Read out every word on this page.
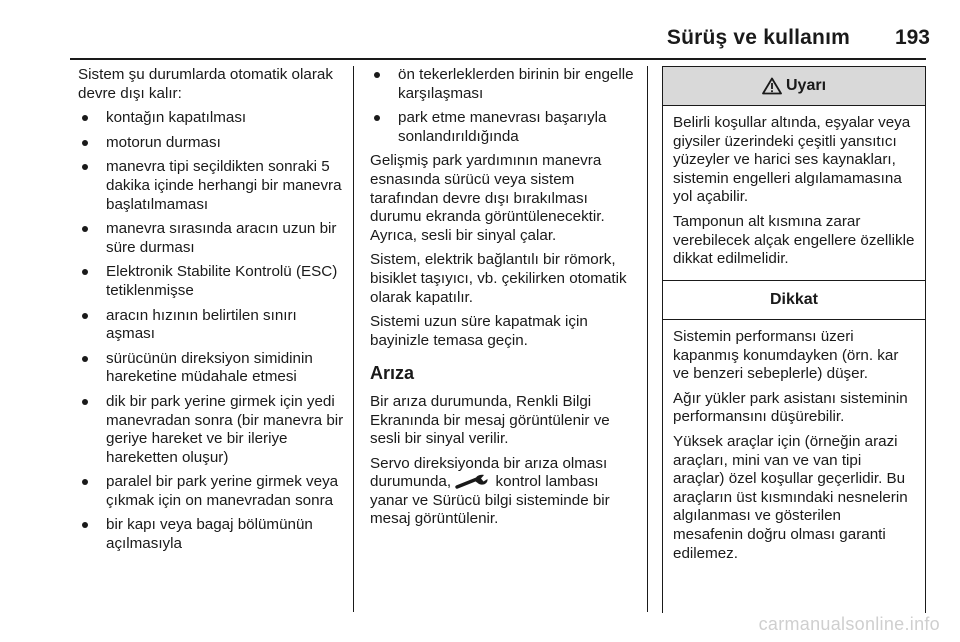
Sürüş ve kullanım	193

Sistem şu durumlarda otomatik olarak devre dışı kalır:

kontağın kapatılması
motorun durması
manevra tipi seçildikten sonraki 5 dakika içinde herhangi bir manevra başlatılmaması
manevra sırasında aracın uzun bir süre durması
Elektronik Stabilite Kontrolü (ESC) tetiklenmişse
aracın hızının belirtilen sınırı aşması
sürücünün direksiyon simidinin hareketine müdahale etmesi
dik bir park yerine girmek için yedi manevradan sonra (bir manevra bir geriye hareket ve bir ileriye hareketten oluşur)
paralel bir park yerine girmek veya çıkmak için on manevradan sonra
bir kapı veya bagaj bölümünün açılmasıyla
ön tekerleklerden birinin bir engelle karşılaşması
park etme manevrası başarıyla sonlandırıldığında

Gelişmiş park yardımının manevra esnasında sürücü veya sistem tarafından devre dışı bırakılması durumu ekranda görüntülenecektir. Ayrıca, sesli bir sinyal çalar.

Sistem, elektrik bağlantılı bir römork, bisiklet taşıyıcı, vb. çekilirken otomatik olarak kapatılır.

Sistemi uzun süre kapatmak için bayinizle temasa geçin.

Arıza

Bir arıza durumunda, Renkli Bilgi Ekranında bir mesaj görüntülenir ve sesli bir sinyal verilir.

Servo direksiyonda bir arıza olması durumunda,	kontrol lambası yanar ve Sürücü bilgi sisteminde bir mesaj görüntülenir.

Uyarı

Belirli koşullar altında, eşyalar veya giysiler üzerindeki çeşitli yansıtıcı yüzeyler ve harici ses kaynakları, sistemin engelleri algılamamasına yol açabilir.

Tamponun alt kısmına zarar verebilecek alçak engellere özellikle dikkat edilmelidir.

Dikkat

Sistemin performansı üzeri kapanmış konumdayken (örn. kar ve benzeri sebeplerle) düşer.

Ağır yükler park asistanı sisteminin performansını düşürebilir.

Yüksek araçlar için (örneğin arazi araçları, mini van ve van tipi araçlar) özel koşullar geçerlidir. Bu araçların üst kısmındaki nesnelerin algılanması ve gösterilen mesafenin doğru olması garanti edilemez.

carmanualsonline.info
